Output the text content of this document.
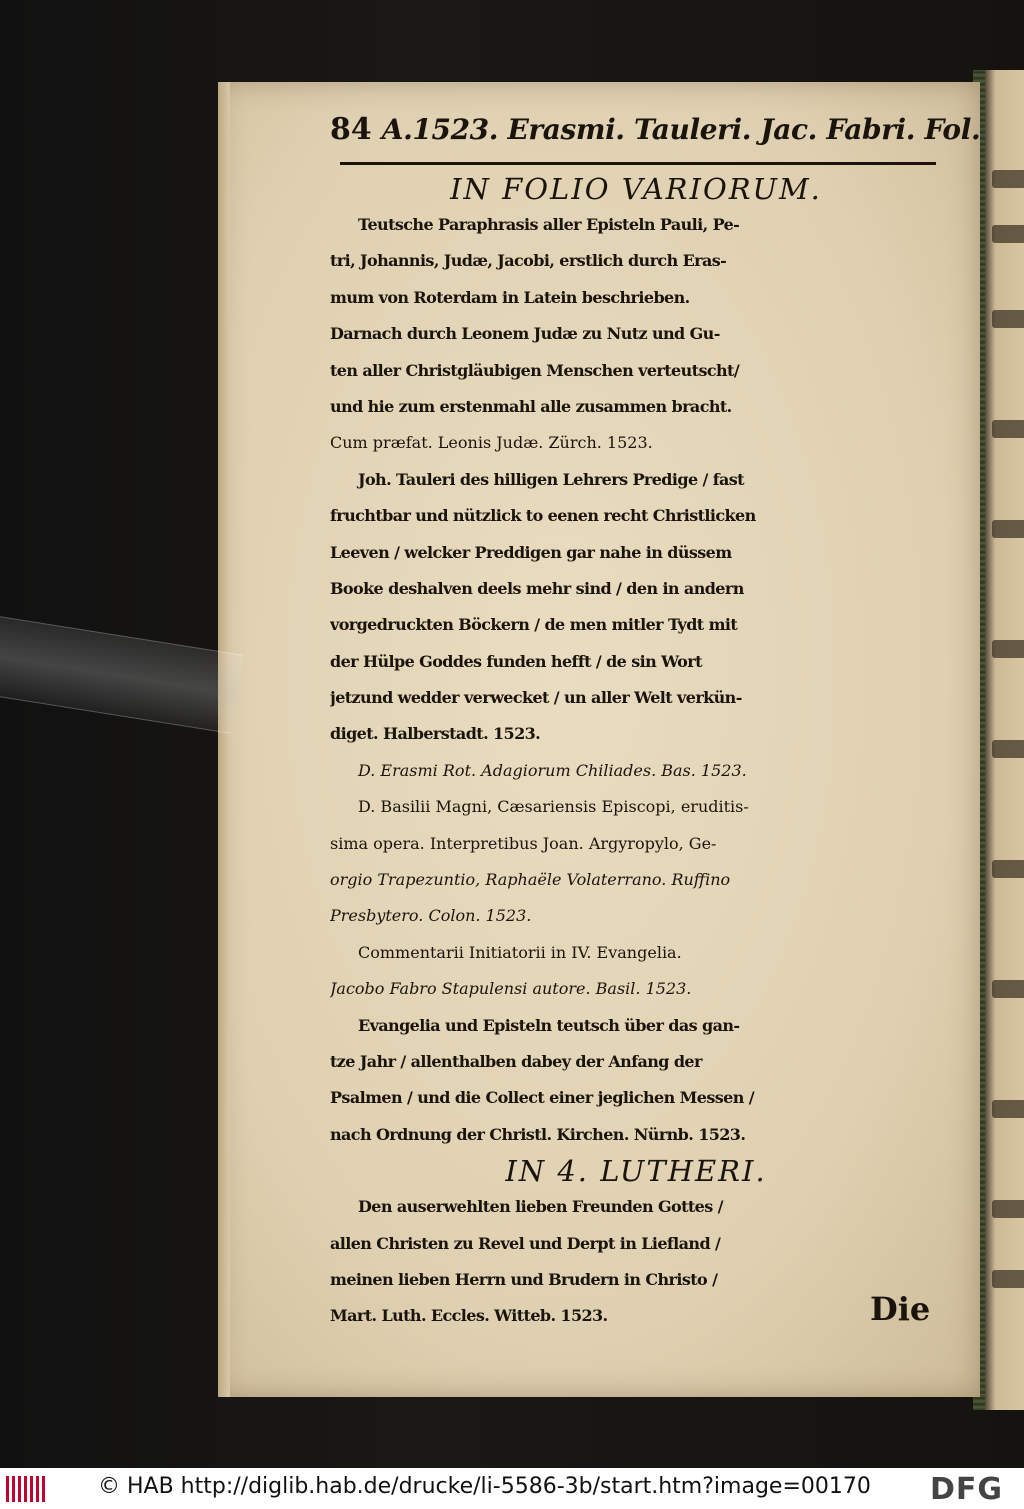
84 A.1523. Erasmi. Tauleri. Jac. Fabri. Fol.
IN FOLIO VARIORUM.
Teutsche Paraphrasis aller Episteln Pauli, Pe-
tri, Johannis, Judæ, Jacobi, erstlich durch Eras-
mum von Roterdam in Latein beschrieben.
Darnach durch Leonem Judæ zu Nutz und Gu-
ten aller Christgläubigen Menschen verteutscht/
und hie zum erstenmahl alle zusammen bracht.
Cum præfat. Leonis Judæ. Zürch. 1523.
Joh. Tauleri des hilligen Lehrers Predige / fast
fruchtbar und nützlick to eenen recht Christlicken
Leeven / welcker Preddigen gar nahe in düssem
Booke deshalven deels mehr sind / den in andern
vorgedruckten Böckern / de men mitler Tydt mit
der Hülpe Goddes funden hefft / de sin Wort
jetzund wedder verwecket / un aller Welt verkün-
diget. Halberstadt. 1523.
D. Erasmi Rot. Adagiorum Chiliades. Bas. 1523.
D. Basilii Magni, Cæsariensis Episcopi, eruditis-
sima opera. Interpretibus Joan. Argyropylo, Ge-
orgio Trapezuntio, Raphaële Volaterrano. Ruffino
Presbytero. Colon. 1523.
Commentarii Initiatorii in IV. Evangelia.
Jacobo Fabro Stapulensi autore. Basil. 1523.
Evangelia und Episteln teutsch über das gan-
tze Jahr / allenthalben dabey der Anfang der
Psalmen / und die Collect einer jeglichen Messen /
nach Ordnung der Christl. Kirchen. Nürnb. 1523.
IN 4. LUTHERI.
Den auserwehlten lieben Freunden Gottes /
allen Christen zu Revel und Derpt in Liefland /
meinen lieben Herrn und Brudern in Christo /
Mart. Luth. Eccles. Witteb. 1523.	Die
© HAB http://diglib.hab.de/drucke/li-5586-3b/start.htm?image=00170 DFG
